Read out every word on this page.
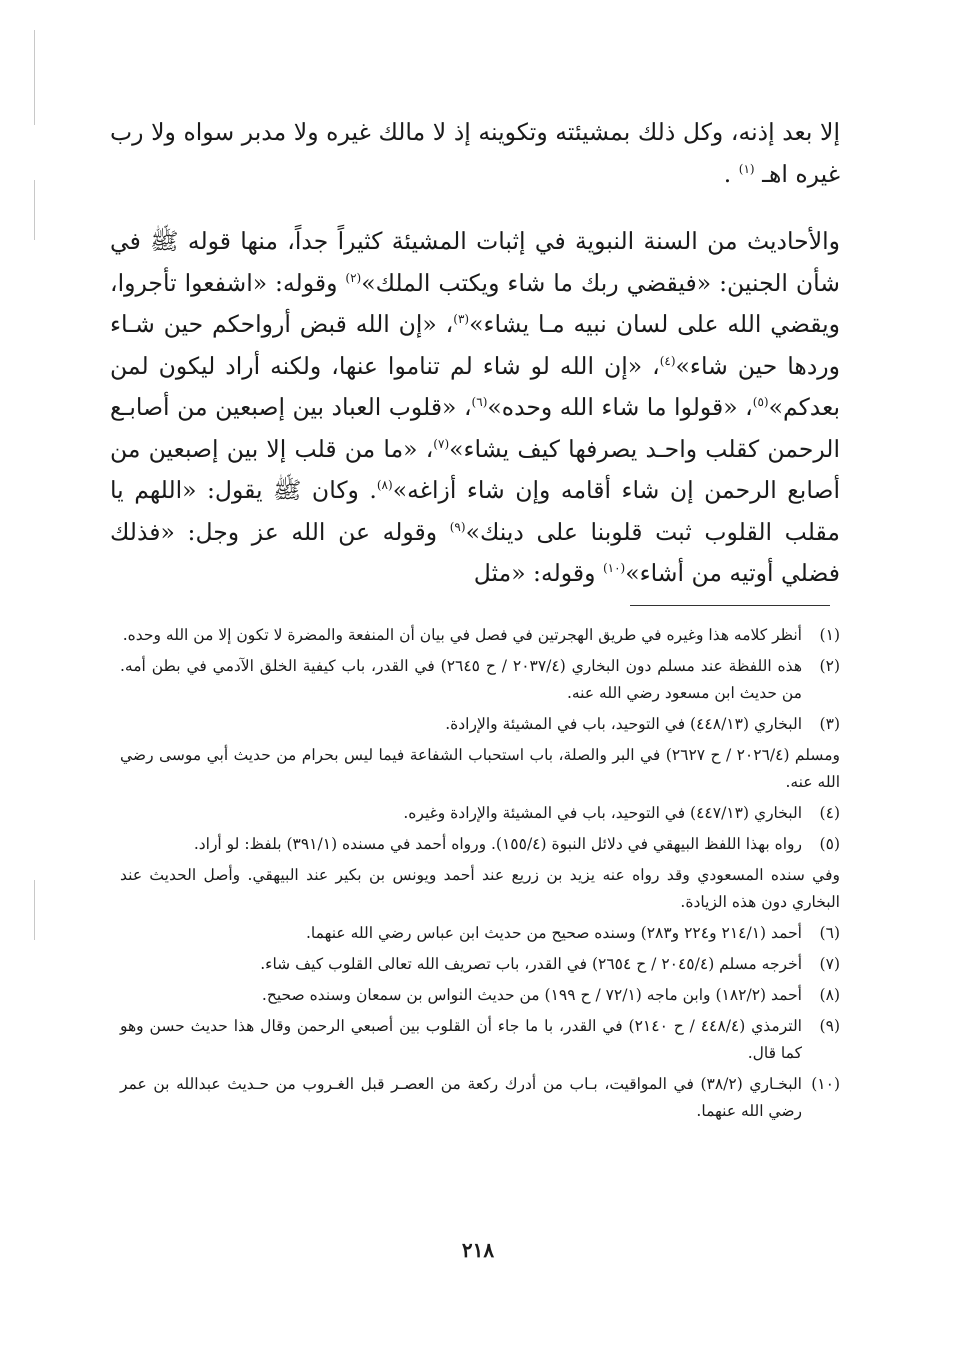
إلا بعد إذنه، وكل ذلك بمشيئته وتكوينه إذ لا مالك غيره ولا مدبر سواه ولا رب غيره اهـ $^{(١)}$ .

والأحاديث من السنة النبوية في إثبات المشيئة كثيراً جداً، منها قوله ﷺ في شأن الجنين: «فيقضي ربك ما شاء ويكتب الملك»$^{(٢)}$ وقوله: «اشفعوا تأجروا، ويقضي الله على لسان نبيه مـا يشاء»$^{(٣)}$، «إن الله قبض أرواحكم حين شـاء وردها حين شاء»$^{(٤)}$، «إن الله لو شاء لم تناموا عنها، ولكنه أراد ليكون لمن بعدكم»$^{(٥)}$، «قولوا ما شاء الله وحده»$^{(٦)}$، «قلوب العباد بين إصبعين من أصابـع الرحمن كقلب واحـد يصرفها كيف يشاء»$^{(٧)}$، «ما من قلب إلا بين إصبعين من أصابع الرحمن إن شاء أقامه وإن شاء أزاغه»$^{(٨)}$. وكان ﷺ يقول: «اللهم يا مقلب القلوب ثبت قلوبنا على دينك»$^{(٩)}$ وقوله عن الله عز وجل: «فذلك فضلي أوتيه من أشاء»$^{(١٠)}$ وقوله: «مثل

(١)
أنظر كلامه هذا وغيره في طريق الهجرتين في فصل في بيان أن المنفعة والمضرة لا تكون إلا من الله وحده.
(٢)
هذه اللفظة عند مسلم دون البخاري (٢٠٣٧/٤ / ح ٢٦٤٥) في القدر، باب كيفية الخلق الآدمي في بطن أمه. من حديث ابن مسعود رضي الله عنه.
(٣)
البخاري (٤٤٨/١٣) في التوحيد، باب في المشيئة والإرادة.
ومسلم (٢٠٢٦/٤ / ح ٢٦٢٧) في البر والصلة، باب استحباب الشفاعة فيما ليس بحرام من حديث أبي موسى رضي الله عنه.
(٤)
البخاري (٤٤٧/١٣) في التوحيد، باب في المشيئة والإرادة وغيره.
(٥)
رواه بهذا اللفظ البيهقي في دلائل النبوة (١٥٥/٤). ورواه أحمد في مسنده (٣٩١/١) بلفظ: لو أراد.
وفي سنده المسعودي وقد رواه عنه يزيد بن زريع عند أحمد ويونس بن بكير عند البيهقي. وأصل الحديث عند البخاري دون هذه الزيادة.
(٦)
أحمد (٢١٤/١ و٢٢٤ و٢٨٣) وسنده صحيح من حديث ابن عباس رضي الله عنهما.
(٧)
أخرجه مسلم (٢٠٤٥/٤ / ح ٢٦٥٤) في القدر، باب تصريف الله تعالى القلوب كيف شاء.
(٨)
أحمد (١٨٢/٢) وابن ماجه (٧٢/١ / ح ١٩٩) من حديث النواس بن سمعان وسنده صحيح.
(٩)
الترمذي (٤٤٨/٤ / ح ٢١٤٠) في القدر، با ما جاء أن القلوب بين أصبعي الرحمن وقال هذا حديث حسن وهو كما قال.
(١٠)
البخـاري (٣٨/٢) في المواقيت، بـاب من أدرك ركعة من العصـر قبل الغـروب من حـديث عبدالله بن عمر رضي الله عنهما.
٢١٨
